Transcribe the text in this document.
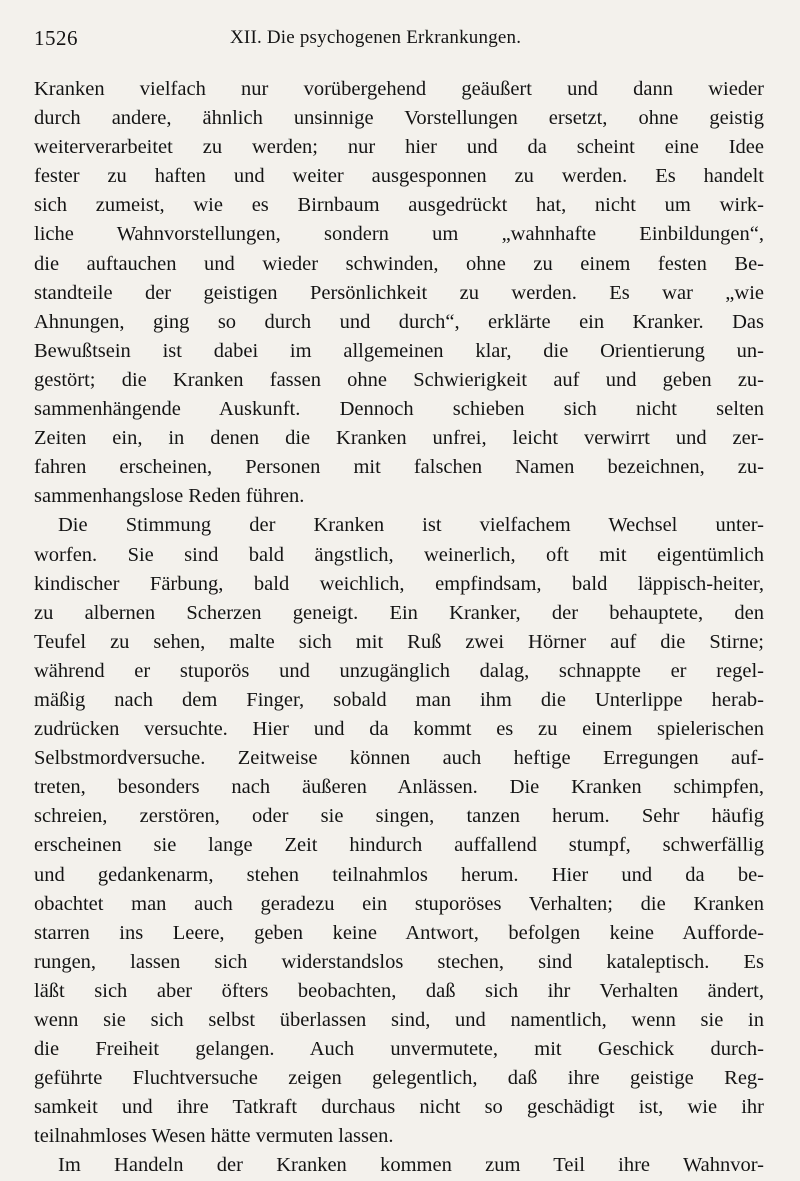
1526	XII. Die psychogenen Erkrankungen.
Kranken vielfach nur vorübergehend geäußert und dann wieder
durch andere, ähnlich unsinnige Vorstellungen ersetzt, ohne geistig
weiterverarbeitet zu werden; nur hier und da scheint eine Idee
fester zu haften und weiter ausgesponnen zu werden. Es handelt
sich zumeist, wie es Birnbaum ausgedrückt hat, nicht um wirk-
liche Wahnvorstellungen, sondern um „wahnhafte Einbildungen“,
die auftauchen und wieder schwinden, ohne zu einem festen Be-
standteile der geistigen Persönlichkeit zu werden. Es war „wie
Ahnungen, ging so durch und durch“, erklärte ein Kranker. Das
Bewußtsein ist dabei im allgemeinen klar, die Orientierung un-
gestört; die Kranken fassen ohne Schwierigkeit auf und geben zu-
sammenhängende Auskunft. Dennoch schieben sich nicht selten
Zeiten ein, in denen die Kranken unfrei, leicht verwirrt und zer-
fahren erscheinen, Personen mit falschen Namen bezeichnen, zu-
sammenhangslose Reden führen.
Die Stimmung der Kranken ist vielfachem Wechsel unter-
worfen. Sie sind bald ängstlich, weinerlich, oft mit eigentümlich
kindischer Färbung, bald weichlich, empfindsam, bald läppisch-heiter,
zu albernen Scherzen geneigt. Ein Kranker, der behauptete, den
Teufel zu sehen, malte sich mit Ruß zwei Hörner auf die Stirne;
während er stuporös und unzugänglich dalag, schnappte er regel-
mäßig nach dem Finger, sobald man ihm die Unterlippe herab-
zudrücken versuchte. Hier und da kommt es zu einem spielerischen
Selbstmordversuche. Zeitweise können auch heftige Erregungen auf-
treten, besonders nach äußeren Anlässen. Die Kranken schimpfen,
schreien, zerstören, oder sie singen, tanzen herum. Sehr häufig
erscheinen sie lange Zeit hindurch auffallend stumpf, schwerfällig
und gedankenarm, stehen teilnahmlos herum. Hier und da be-
obachtet man auch geradezu ein stuporöses Verhalten; die Kranken
starren ins Leere, geben keine Antwort, befolgen keine Aufforde-
rungen, lassen sich widerstandslos stechen, sind kataleptisch. Es
läßt sich aber öfters beobachten, daß sich ihr Verhalten ändert,
wenn sie sich selbst überlassen sind, und namentlich, wenn sie in
die Freiheit gelangen. Auch unvermutete, mit Geschick durch-
geführte Fluchtversuche zeigen gelegentlich, daß ihre geistige Reg-
samkeit und ihre Tatkraft durchaus nicht so geschädigt ist, wie ihr
teilnahmloses Wesen hätte vermuten lassen.
Im Handeln der Kranken kommen zum Teil ihre Wahnvor-
